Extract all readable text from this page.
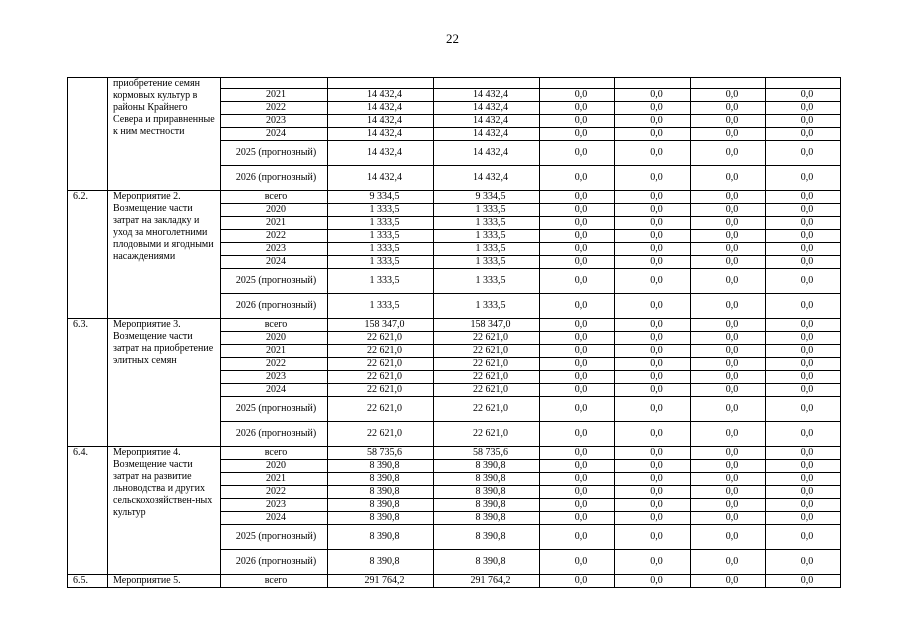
22
	приобретение семян кормовых культур в районы Крайнего Севера и приравненные к ним местности							
		2021	14 432,4	14 432,4	0,0	0,0	0,0	0,0
		2022	14 432,4	14 432,4	0,0	0,0	0,0	0,0
		2023	14 432,4	14 432,4	0,0	0,0	0,0	0,0
		2024	14 432,4	14 432,4	0,0	0,0	0,0	0,0
		2025 (прогнозный)	14 432,4	14 432,4	0,0	0,0	0,0	0,0
		2026 (прогнозный)	14 432,4	14 432,4	0,0	0,0	0,0	0,0
6.2.	Мероприятие 2. Возмещение части затрат на закладку и уход за многолетними плодовыми и ягодными насаждениями	всего	9 334,5	9 334,5	0,0	0,0	0,0	0,0
		2020	1 333,5	1 333,5	0,0	0,0	0,0	0,0
		2021	1 333,5	1 333,5	0,0	0,0	0,0	0,0
		2022	1 333,5	1 333,5	0,0	0,0	0,0	0,0
		2023	1 333,5	1 333,5	0,0	0,0	0,0	0,0
		2024	1 333,5	1 333,5	0,0	0,0	0,0	0,0
		2025 (прогнозный)	1 333,5	1 333,5	0,0	0,0	0,0	0,0
		2026 (прогнозный)	1 333,5	1 333,5	0,0	0,0	0,0	0,0
6.3.	Мероприятие 3. Возмещение части затрат на приобретение элитных семян	всего	158 347,0	158 347,0	0,0	0,0	0,0	0,0
		2020	22 621,0	22 621,0	0,0	0,0	0,0	0,0
		2021	22 621,0	22 621,0	0,0	0,0	0,0	0,0
		2022	22 621,0	22 621,0	0,0	0,0	0,0	0,0
		2023	22 621,0	22 621,0	0,0	0,0	0,0	0,0
		2024	22 621,0	22 621,0	0,0	0,0	0,0	0,0
		2025 (прогнозный)	22 621,0	22 621,0	0,0	0,0	0,0	0,0
		2026 (прогнозный)	22 621,0	22 621,0	0,0	0,0	0,0	0,0
6.4.	Мероприятие 4. Возмещение части затрат на развитие льноводства и других сельскохозяйствен-ных культур	всего	58 735,6	58 735,6	0,0	0,0	0,0	0,0
		2020	8 390,8	8 390,8	0,0	0,0	0,0	0,0
		2021	8 390,8	8 390,8	0,0	0,0	0,0	0,0
		2022	8 390,8	8 390,8	0,0	0,0	0,0	0,0
		2023	8 390,8	8 390,8	0,0	0,0	0,0	0,0
		2024	8 390,8	8 390,8	0,0	0,0	0,0	0,0
		2025 (прогнозный)	8 390,8	8 390,8	0,0	0,0	0,0	0,0
		2026 (прогнозный)	8 390,8	8 390,8	0,0	0,0	0,0	0,0
6.5.	Мероприятие 5.	всего	291 764,2	291 764,2	0,0	0,0	0,0	0,0
